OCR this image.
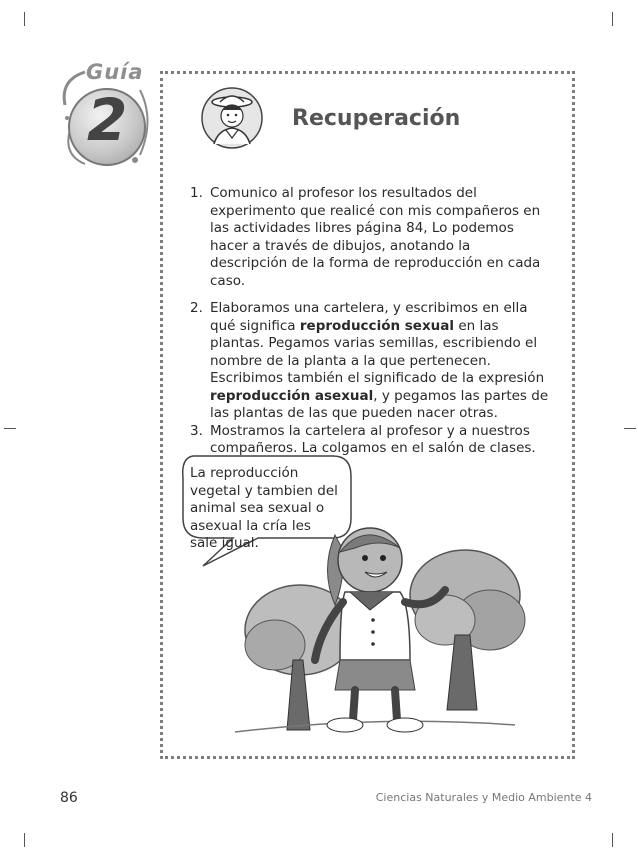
Guía
2	Recuperación
1. Comunico al profesor los resultados del experimento que realicé con mis compañeros en las actividades libres página 84, Lo podemos hacer a través de dibujos, anotando la descripción de la forma de reproducción en cada caso.
2. Elaboramos una cartelera, y escribimos en ella qué significa reproducción sexual en las plantas. Pegamos varias semillas, escribiendo el nombre de la planta a la que pertenecen. Escribimos también el significado de la expresión reproducción asexual, y pegamos las partes de las plantas de las que pueden nacer otras.
3. Mostramos la cartelera al profesor y a nuestros compañeros. La colgamos en el salón de clases.
La reproducción vegetal y tambien del animal sea sexual o asexual la cría les sale igual.
86	Ciencias Naturales y Medio Ambiente 4
